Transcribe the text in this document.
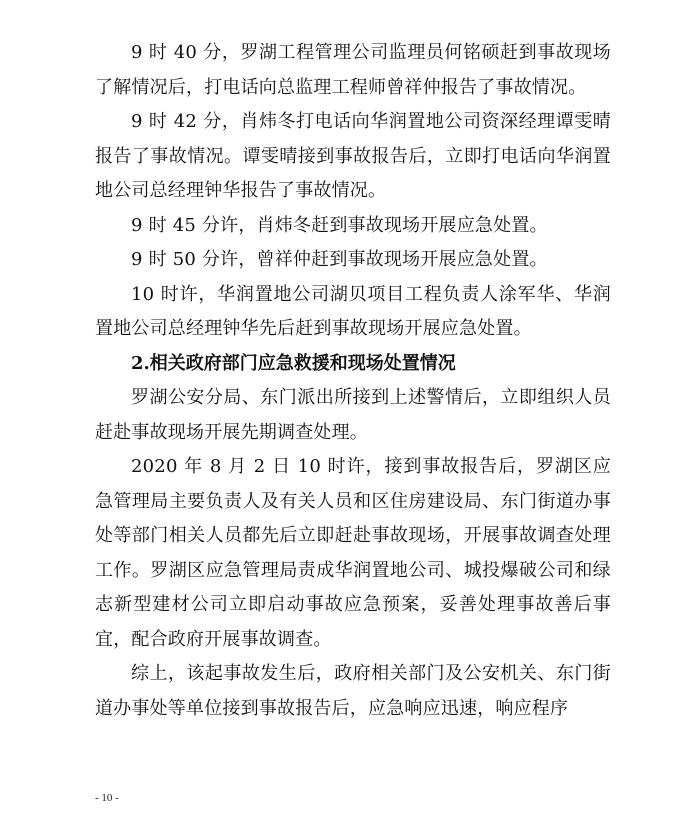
9 时 40 分，罗湖工程管理公司监理员何铭硕赶到事故现场了解情况后，打电话向总监理工程师曾祥仲报告了事故情况。

9 时 42 分，肖炜冬打电话向华润置地公司资深经理谭雯晴报告了事故情况。谭雯晴接到事故报告后，立即打电话向华润置地公司总经理钟华报告了事故情况。

9 时 45 分许，肖炜冬赶到事故现场开展应急处置。

9 时 50 分许，曾祥仲赶到事故现场开展应急处置。

10 时许，华润置地公司湖贝项目工程负责人涂军华、华润置地公司总经理钟华先后赶到事故现场开展应急处置。

2.相关政府部门应急救援和现场处置情况

罗湖公安分局、东门派出所接到上述警情后，立即组织人员赶赴事故现场开展先期调查处理。

2020 年 8 月 2 日 10 时许，接到事故报告后，罗湖区应急管理局主要负责人及有关人员和区住房建设局、东门街道办事处等部门相关人员都先后立即赶赴事故现场，开展事故调查处理工作。罗湖区应急管理局责成华润置地公司、城投爆破公司和绿志新型建材公司立即启动事故应急预案，妥善处理事故善后事宜，配合政府开展事故调查。

综上，该起事故发生后，政府相关部门及公安机关、东门街道办事处等单位接到事故报告后，应急响应迅速，响应程序

- 10 -
